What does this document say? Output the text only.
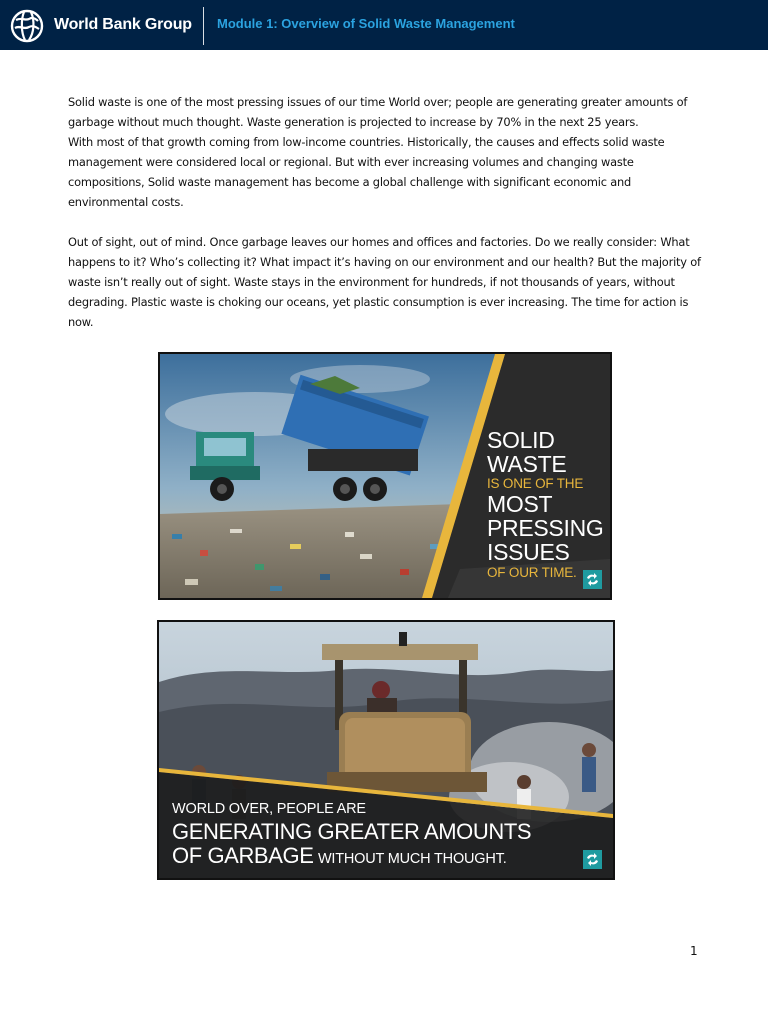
World Bank Group Module 1: Overview of Solid Waste Management

Solid waste is one of the most pressing issues of our time World over; people are generating greater amounts of garbage without much thought. Waste generation is projected to increase by 70% in the next 25 years.
With most of that growth coming from low-income countries. Historically, the causes and effects solid waste management were considered local or regional. But with ever increasing volumes and changing waste compositions, Solid waste management has become a global challenge with significant economic and environmental costs.

Out of sight, out of mind. Once garbage leaves our homes and offices and factories. Do we really consider: What happens to it? Who’s collecting it? What impact it’s having on our environment and our health? But the majority of waste isn’t really out of sight. Waste stays in the environment for hundreds, if not thousands of years, without degrading. Plastic waste is choking our oceans, yet plastic consumption is ever increasing. The time for action is now.

SOLID
WASTE
IS ONE OF THE
MOST
PRESSING
ISSUES
OF OUR TIME.
WORLD OVER, PEOPLE ARE
GENERATING GREATER AMOUNTS
OF GARBAGE WITHOUT MUCH THOUGHT.
1
